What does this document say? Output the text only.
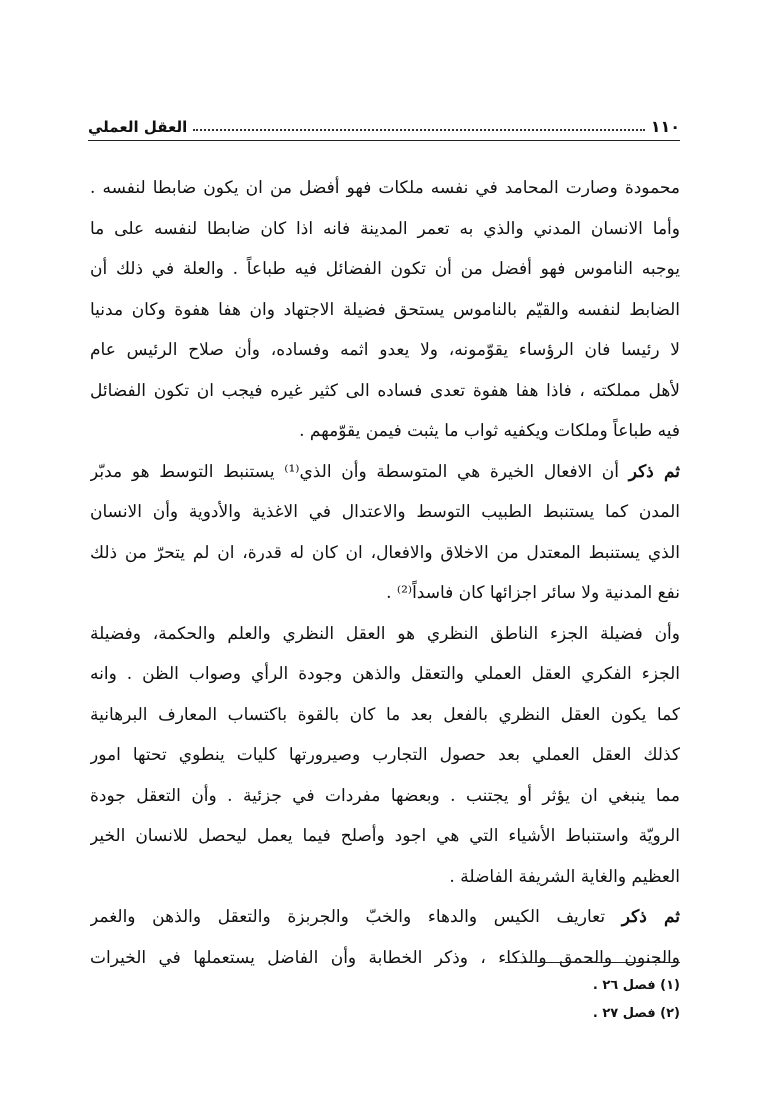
١١٠
العقل العملي
محمودة وصارت المحامد في نفسه ملكات فهو أفضل من ان يكون ضابطا لنفسه .
وأما الانسان المدني والذي به تعمر المدينة فانه اذا كان ضابطا لنفسه على ما
يوجبه الناموس فهو أفضل من أن تكون الفضائل فيه طباعاً . والعلة في ذلك أن
الضابط لنفسه والقيّم بالناموس يستحق فضيلة الاجتهاد وان هفا هفوة وكان مدنيا
لا رئيسا فان الرؤساء يقوّمونه، ولا يعدو اثمه وفساده، وأن صلاح الرئيس عام
لأهل مملكته ، فاذا هفا هفوة تعدى فساده الى كثير غيره فيجب ان تكون الفضائل
فيه طباعاً وملكات ويكفيه ثواب ما يثبت فيمن يقوّمهم .
ثم ذكر أن الافعال الخيرة هي المتوسطة وأن الذي⁽¹⁾ يستنبط التوسط هو مدبّر
المدن كما يستنبط الطبيب التوسط والاعتدال في الاغذية والأدوية وأن الانسان
الذي يستنبط المعتدل من الاخلاق والافعال، ان كان له قدرة، ان لم يتحرّ من ذلك
نفع المدنية ولا سائر اجزائها كان فاسداً⁽²⁾ .
وأن فضيلة الجزء الناطق النظري هو العقل النظري والعلم والحكمة، وفضيلة
الجزء الفكري العقل العملي والتعقل والذهن وجودة الرأي وصواب الظن . وانه
كما يكون العقل النظري بالفعل بعد ما كان بالقوة باكتساب المعارف البرهانية
كذلك العقل العملي بعد حصول التجارب وصيرورتها كليات ينطوي تحتها امور
مما ينبغي ان يؤثر أو يجتنب . وبعضها مفردات في جزئية . وأن التعقل جودة
الرويّة واستنباط الأشياء التي هي اجود وأصلح فيما يعمل ليحصل للانسان الخير
العظيم والغاية الشريفة الفاضلة .
ثم ذكر تعاريف الكيس والدهاء والخبّ والجربزة والتعقل والذهن والغمر
والجنون والحمق والذكاء ، وذكر الخطابة وأن الفاضل يستعملها في الخيرات
(١) فصل ٢٦ .
(٢) فصل ٢٧ .
